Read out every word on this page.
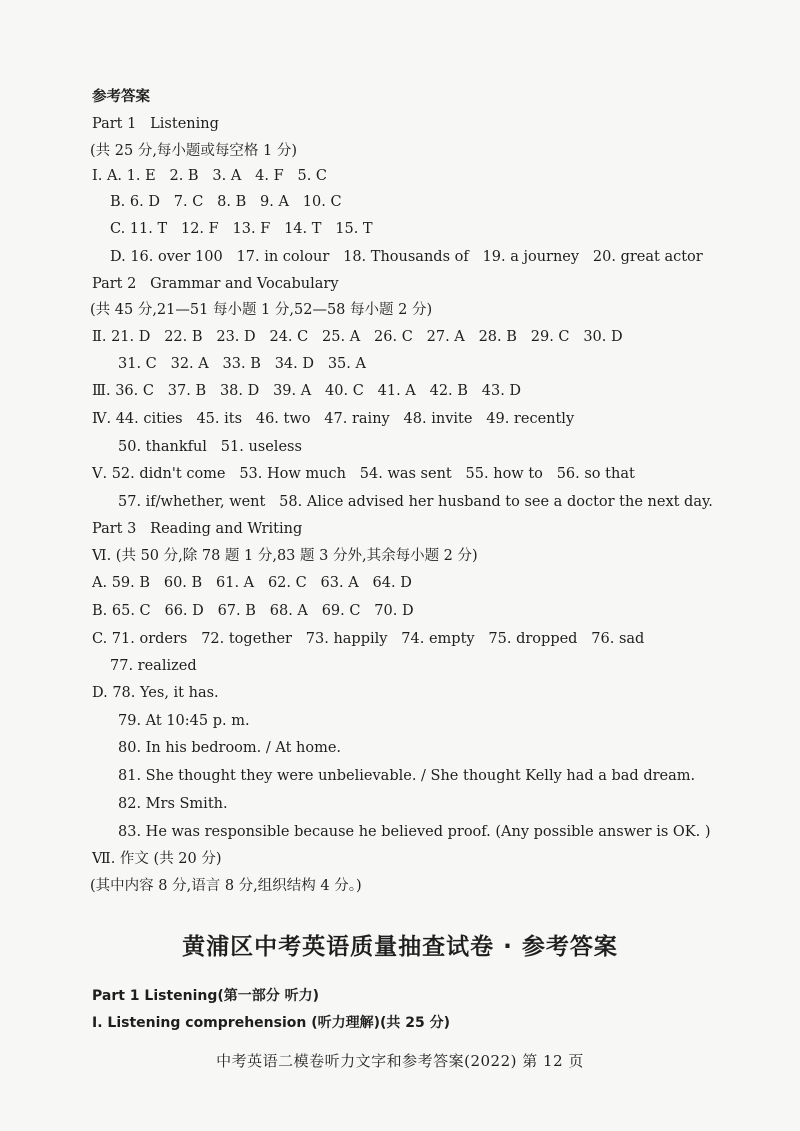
参考答案
Part 1   Listening
(共 25 分,每小题或每空格 1 分)
Ⅰ. A. 1. E   2. B   3. A   4. F   5. C
B. 6. D   7. C   8. B   9. A   10. C
C. 11. T   12. F   13. F   14. T   15. T
D. 16. over 100   17. in colour   18. Thousands of   19. a journey   20. great actor
Part 2   Grammar and Vocabulary
(共 45 分,21—51 每小题 1 分,52—58 每小题 2 分)
Ⅱ. 21. D   22. B   23. D   24. C   25. A   26. C   27. A   28. B   29. C   30. D
31. C   32. A   33. B   34. D   35. A
Ⅲ. 36. C   37. B   38. D   39. A   40. C   41. A   42. B   43. D
Ⅳ. 44. cities   45. its   46. two   47. rainy   48. invite   49. recently
50. thankful   51. useless
Ⅴ. 52. didn't come   53. How much   54. was sent   55. how to   56. so that
57. if/whether, went   58. Alice advised her husband to see a doctor the next day.
Part 3   Reading and Writing
Ⅵ. (共 50 分,除 78 题 1 分,83 题 3 分外,其余每小题 2 分)
A. 59. B   60. B   61. A   62. C   63. A   64. D
B. 65. C   66. D   67. B   68. A   69. C   70. D
C. 71. orders   72. together   73. happily   74. empty   75. dropped   76. sad
77. realized
D. 78. Yes, it has.
79. At 10:45 p. m.
80. In his bedroom. / At home.
81. She thought they were unbelievable. / She thought Kelly had a bad dream.
82. Mrs Smith.
83. He was responsible because he believed proof. (Any possible answer is OK. )
Ⅶ. 作文 (共 20 分)
(其中内容 8 分,语言 8 分,组织结构 4 分。)
黄浦区中考英语质量抽查试卷 · 参考答案
Part 1 Listening(第一部分 听力)
Ⅰ. Listening comprehension (听力理解)(共 25 分)
中考英语二模卷听力文字和参考答案(2022) 第 12 页
